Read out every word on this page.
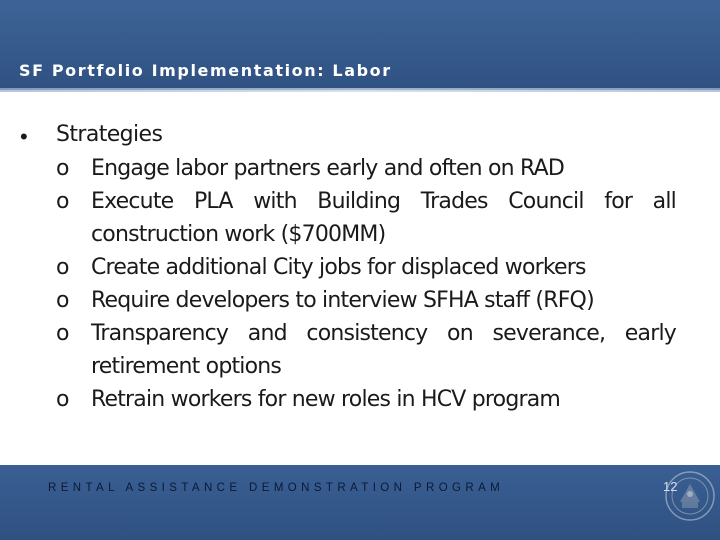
SF Portfolio Implementation: Labor
• Strategies
o Engage labor partners early and often on RAD
o Execute PLA with Building Trades Council for all construction work ($700MM)
o Create additional City jobs for displaced workers
o Require developers to interview SFHA staff (RFQ)
o Transparency and consistency on severance, early retirement options
o Retrain workers for new roles in HCV program

RENTAL ASSISTANCE DEMONSTRATION PROGRAM	12
